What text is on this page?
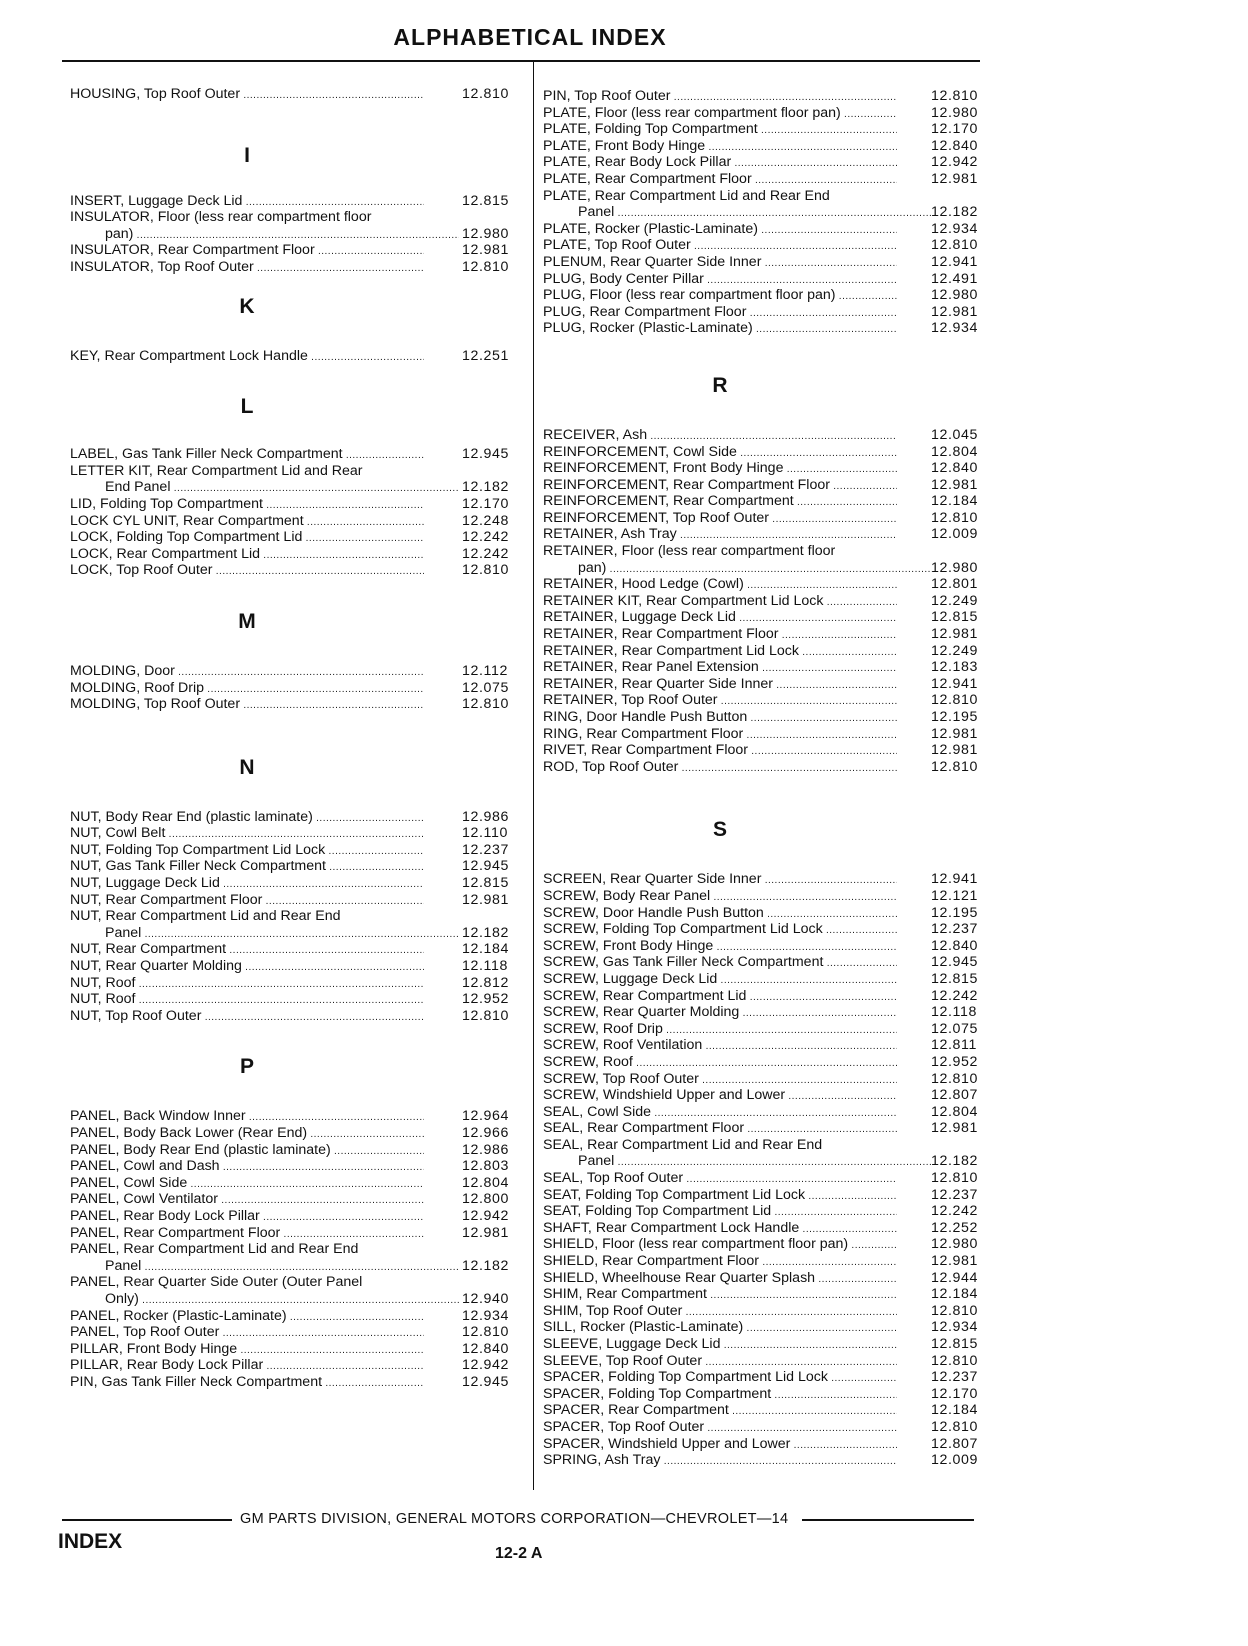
ALPHABETICAL INDEX
HOUSING, Top Roof Outer .....	12.810
I
INSERT, Luggage Deck Lid .....	12.815
INSULATOR, Floor (less rear compartment floor
pan) .....	12.980
INSULATOR, Rear Compartment Floor .....	12.981
INSULATOR, Top Roof Outer .....	12.810
K
KEY, Rear Compartment Lock Handle .....	12.251
L
LABEL, Gas Tank Filler Neck Compartment .....	12.945
LETTER KIT, Rear Compartment Lid and Rear
End Panel .....	12.182
LID, Folding Top Compartment .....	12.170
LOCK CYL UNIT, Rear Compartment .....	12.248
LOCK, Folding Top Compartment Lid .....	12.242
LOCK, Rear Compartment Lid .....	12.242
LOCK, Top Roof Outer .....	12.810
M
MOLDING, Door .....	12.112
MOLDING, Roof Drip .....	12.075
MOLDING, Top Roof Outer .....	12.810
N
NUT, Body Rear End (plastic laminate) .....	12.986
NUT, Cowl Belt .....	12.110
NUT, Folding Top Compartment Lid Lock .....	12.237
NUT, Gas Tank Filler Neck Compartment .....	12.945
NUT, Luggage Deck Lid .....	12.815
NUT, Rear Compartment Floor .....	12.981
NUT, Rear Compartment Lid and Rear End
Panel .....	12.182
NUT, Rear Compartment .....	12.184
NUT, Rear Quarter Molding .....	12.118
NUT, Roof .....	12.812
NUT, Roof .....	12.952
NUT, Top Roof Outer .....	12.810
P
PANEL, Back Window Inner .....	12.964
PANEL, Body Back Lower (Rear End) .....	12.966
PANEL, Body Rear End (plastic laminate) .....	12.986
PANEL, Cowl and Dash .....	12.803
PANEL, Cowl Side .....	12.804
PANEL, Cowl Ventilator .....	12.800
PANEL, Rear Body Lock Pillar .....	12.942
PANEL, Rear Compartment Floor .....	12.981
PANEL, Rear Compartment Lid and Rear End
Panel .....	12.182
PANEL, Rear Quarter Side Outer (Outer Panel
Only) .....	12.940
PANEL, Rocker (Plastic-Laminate) .....	12.934
PANEL, Top Roof Outer .....	12.810
PILLAR, Front Body Hinge .....	12.840
PILLAR, Rear Body Lock Pillar .....	12.942
PIN, Gas Tank Filler Neck Compartment .....	12.945
PIN, Top Roof Outer .....	12.810
PLATE, Floor (less rear compartment floor pan) .....	12.980
PLATE, Folding Top Compartment .....	12.170
PLATE, Front Body Hinge .....	12.840
PLATE, Rear Body Lock Pillar .....	12.942
PLATE, Rear Compartment Floor .....	12.981
PLATE, Rear Compartment Lid and Rear End
Panel .....	12.182
PLATE, Rocker (Plastic-Laminate) .....	12.934
PLATE, Top Roof Outer .....	12.810
PLENUM, Rear Quarter Side Inner .....	12.941
PLUG, Body Center Pillar .....	12.491
PLUG, Floor (less rear compartment floor pan) .....	12.980
PLUG, Rear Compartment Floor .....	12.981
PLUG, Rocker (Plastic-Laminate) .....	12.934
R
RECEIVER, Ash .....	12.045
REINFORCEMENT, Cowl Side .....	12.804
REINFORCEMENT, Front Body Hinge .....	12.840
REINFORCEMENT, Rear Compartment Floor .....	12.981
REINFORCEMENT, Rear Compartment .....	12.184
REINFORCEMENT, Top Roof Outer .....	12.810
RETAINER, Ash Tray .....	12.009
RETAINER, Floor (less rear compartment floor
pan) .....	12.980
RETAINER, Hood Ledge (Cowl) .....	12.801
RETAINER KIT, Rear Compartment Lid Lock .....	12.249
RETAINER, Luggage Deck Lid .....	12.815
RETAINER, Rear Compartment Floor .....	12.981
RETAINER, Rear Compartment Lid Lock .....	12.249
RETAINER, Rear Panel Extension .....	12.183
RETAINER, Rear Quarter Side Inner .....	12.941
RETAINER, Top Roof Outer .....	12.810
RING, Door Handle Push Button .....	12.195
RING, Rear Compartment Floor .....	12.981
RIVET, Rear Compartment Floor .....	12.981
ROD, Top Roof Outer .....	12.810
S
SCREEN, Rear Quarter Side Inner .....	12.941
SCREW, Body Rear Panel .....	12.121
SCREW, Door Handle Push Button .....	12.195
SCREW, Folding Top Compartment Lid Lock .....	12.237
SCREW, Front Body Hinge .....	12.840
SCREW, Gas Tank Filler Neck Compartment .....	12.945
SCREW, Luggage Deck Lid .....	12.815
SCREW, Rear Compartment Lid .....	12.242
SCREW, Rear Quarter Molding .....	12.118
SCREW, Roof Drip .....	12.075
SCREW, Roof Ventilation .....	12.811
SCREW, Roof .....	12.952
SCREW, Top Roof Outer .....	12.810
SCREW, Windshield Upper and Lower .....	12.807
SEAL, Cowl Side .....	12.804
SEAL, Rear Compartment Floor .....	12.981
SEAL, Rear Compartment Lid and Rear End
Panel .....	12.182
SEAL, Top Roof Outer .....	12.810
SEAT, Folding Top Compartment Lid Lock .....	12.237
SEAT, Folding Top Compartment Lid .....	12.242
SHAFT, Rear Compartment Lock Handle .....	12.252
SHIELD, Floor (less rear compartment floor pan) .....	12.980
SHIELD, Rear Compartment Floor .....	12.981
SHIELD, Wheelhouse Rear Quarter Splash .....	12.944
SHIM, Rear Compartment .....	12.184
SHIM, Top Roof Outer .....	12.810
SILL, Rocker (Plastic-Laminate) .....	12.934
SLEEVE, Luggage Deck Lid .....	12.815
SLEEVE, Top Roof Outer .....	12.810
SPACER, Folding Top Compartment Lid Lock .....	12.237
SPACER, Folding Top Compartment .....	12.170
SPACER, Rear Compartment .....	12.184
SPACER, Top Roof Outer .....	12.810
SPACER, Windshield Upper and Lower .....	12.807
SPRING, Ash Tray .....	12.009
GM PARTS DIVISION, GENERAL MOTORS CORPORATION—CHEVROLET—14
INDEX
12-2 A
